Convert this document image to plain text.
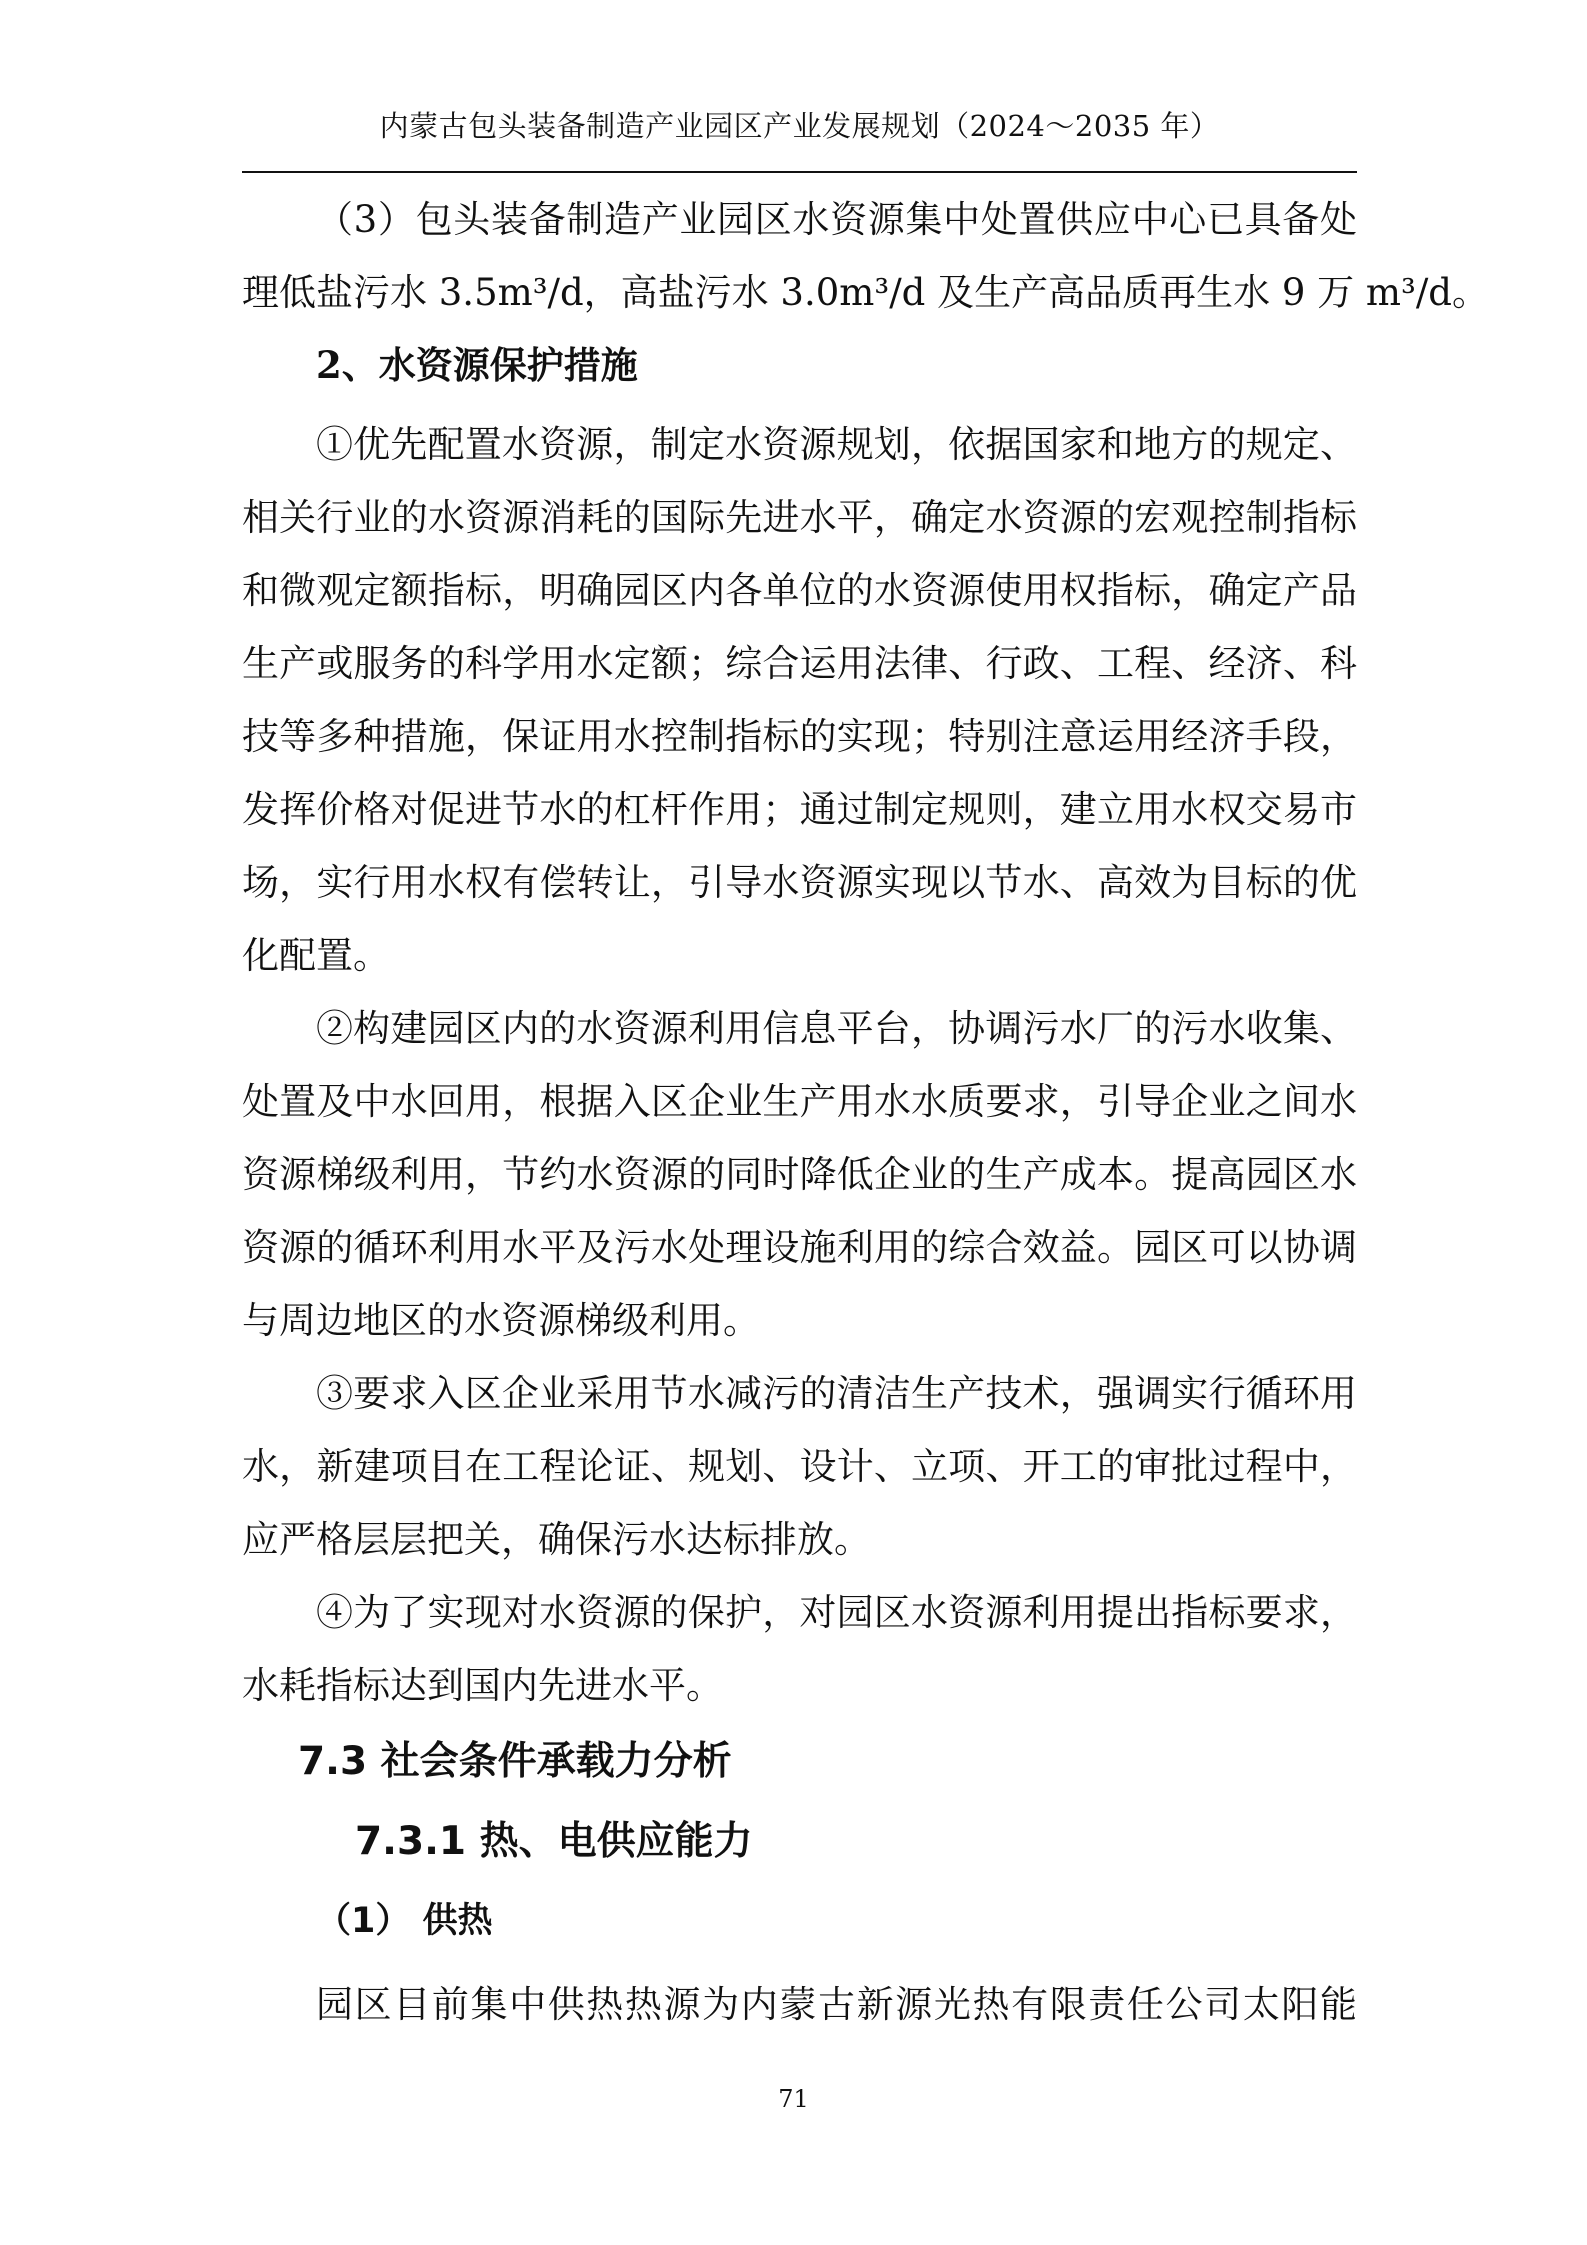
内蒙古包头装备制造产业园区产业发展规划（2024～2035 年）
（3）包头装备制造产业园区水资源集中处置供应中心已具备处
理低盐污水 3.5m³/d，高盐污水 3.0m³/d 及生产高品质再生水 9 万 m³/d。
2、水资源保护措施
①优先配置水资源，制定水资源规划，依据国家和地方的规定、
相关行业的水资源消耗的国际先进水平，确定水资源的宏观控制指标
和微观定额指标，明确园区内各单位的水资源使用权指标，确定产品
生产或服务的科学用水定额；综合运用法律、行政、工程、经济、科
技等多种措施，保证用水控制指标的实现；特别注意运用经济手段，
发挥价格对促进节水的杠杆作用；通过制定规则，建立用水权交易市
场，实行用水权有偿转让，引导水资源实现以节水、高效为目标的优
化配置。
②构建园区内的水资源利用信息平台，协调污水厂的污水收集、
处置及中水回用，根据入区企业生产用水水质要求，引导企业之间水
资源梯级利用，节约水资源的同时降低企业的生产成本。提高园区水
资源的循环利用水平及污水处理设施利用的综合效益。园区可以协调
与周边地区的水资源梯级利用。
③要求入区企业采用节水减污的清洁生产技术，强调实行循环用
水，新建项目在工程论证、规划、设计、立项、开工的审批过程中，
应严格层层把关，确保污水达标排放。
④为了实现对水资源的保护，对园区水资源利用提出指标要求，
水耗指标达到国内先进水平。
7.3 社会条件承载力分析
7.3.1 热、电供应能力
（1） 供热
园区目前集中供热热源为内蒙古新源光热有限责任公司太阳能
71
